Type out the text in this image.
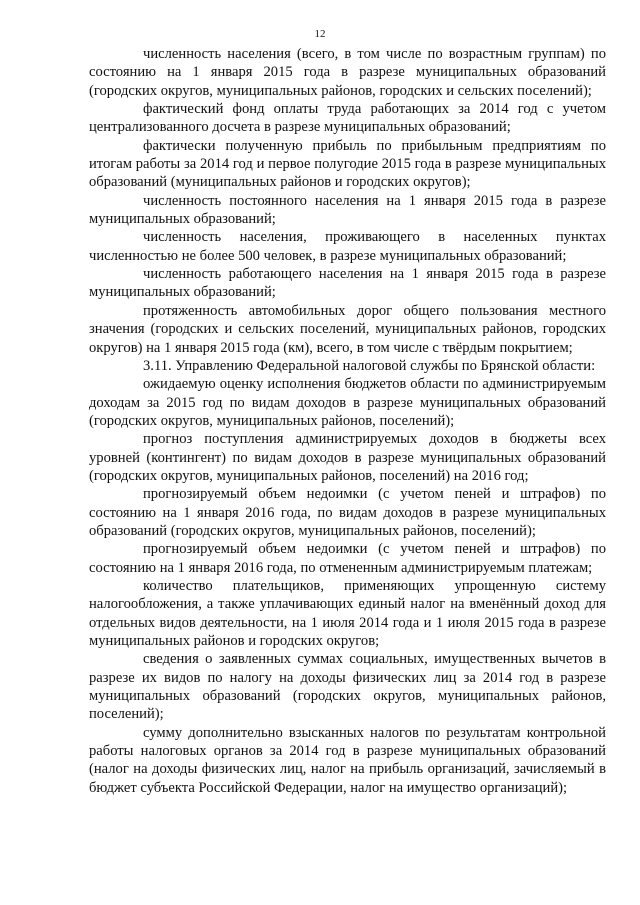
12

численность населения (всего, в том числе по возрастным группам) по состоянию на 1 января 2015 года в разрезе муниципальных образований (городских округов, муниципальных районов, городских и сельских поселений);

фактический фонд оплаты труда работающих за 2014 год с учетом централизованного досчета в разрезе муниципальных образований;

фактически полученную прибыль по прибыльным предприятиям по итогам работы за 2014 год и первое полугодие 2015 года в разрезе муниципальных образований (муниципальных районов и городских округов);

численность постоянного населения на 1 января 2015 года в разрезе муниципальных образований;

численность населения, проживающего в населенных пунктах численностью не более 500 человек, в разрезе муниципальных образований;

численность работающего населения на 1 января 2015 года в разрезе муниципальных образований;

протяженность автомобильных дорог общего пользования местного значения (городских и сельских поселений, муниципальных районов, городских округов) на 1 января 2015 года (км), всего, в том числе с твёрдым покрытием;

3.11. Управлению Федеральной налоговой службы по Брянской области:

ожидаемую оценку исполнения бюджетов области по администрируемым доходам за 2015 год по видам доходов в разрезе муниципальных образований (городских округов, муниципальных районов, поселений);

прогноз поступления администрируемых доходов в бюджеты всех уровней (контингент) по видам доходов в разрезе муниципальных образований (городских округов, муниципальных районов, поселений) на 2016 год;

прогнозируемый объем недоимки (с учетом пеней и штрафов) по состоянию на 1 января 2016 года, по видам доходов в разрезе муниципальных образований (городских округов, муниципальных районов, поселений);

прогнозируемый объем недоимки (с учетом пеней и штрафов) по состоянию на 1 января 2016 года, по отмененным администрируемым платежам;

количество плательщиков, применяющих упрощенную систему налогообложения, а также уплачивающих единый налог на вменённый доход для отдельных видов деятельности, на 1 июля 2014 года и 1 июля 2015 года в разрезе муниципальных районов и городских округов;

сведения о заявленных суммах социальных, имущественных вычетов в разрезе их видов по налогу на доходы физических лиц за 2014 год в разрезе муниципальных образований (городских округов, муниципальных районов, поселений);

сумму дополнительно взысканных налогов по результатам контрольной работы налоговых органов за 2014 год в разрезе муниципальных образований (налог на доходы физических лиц, налог на прибыль организаций, зачисляемый в бюджет субъекта Российской Федерации, налог на имущество организаций);
